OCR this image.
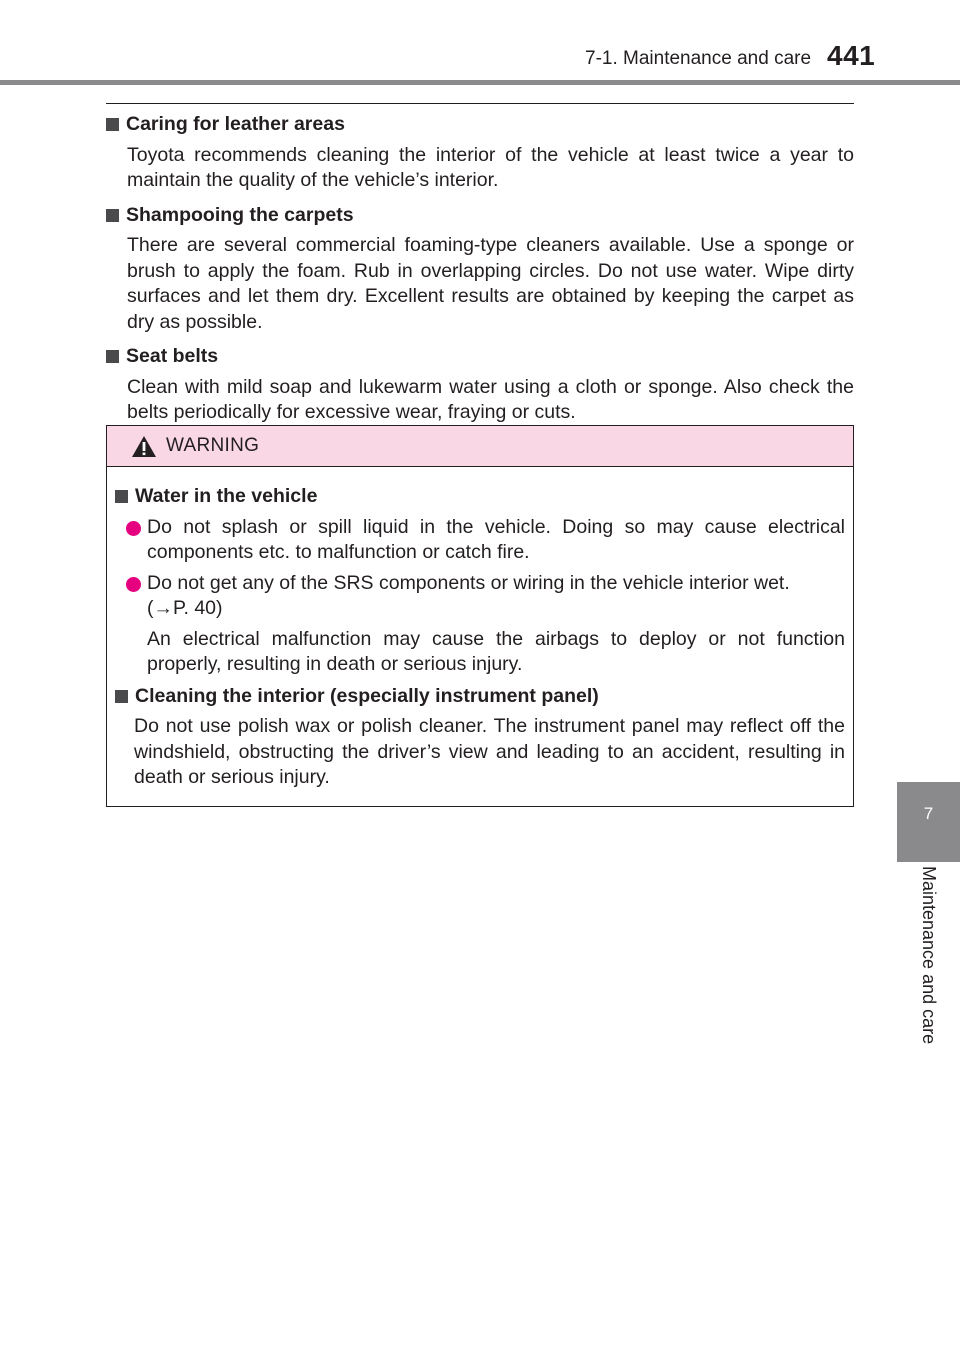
7-1. Maintenance and care 441
7
Maintenance and care

Caring for leather areas

Toyota recommends cleaning the interior of the vehicle at least twice a year to maintain the quality of the vehicle’s interior.

Shampooing the carpets

There are several commercial foaming-type cleaners available. Use a sponge or brush to apply the foam. Rub in overlapping circles. Do not use water. Wipe dirty surfaces and let them dry. Excellent results are obtained by keeping the carpet as dry as possible.

Seat belts

Clean with mild soap and lukewarm water using a cloth or sponge. Also check the belts periodically for excessive wear, fraying or cuts.

WARNING

Water in the vehicle

Do not splash or spill liquid in the vehicle. Doing so may cause electrical components etc. to malfunction or catch fire.
Do not get any of the SRS components or wiring in the vehicle interior wet.

(→P. 40)

An electrical malfunction may cause the airbags to deploy or not function properly, resulting in death or serious injury.

Cleaning the interior (especially instrument panel)

Do not use polish wax or polish cleaner. The instrument panel may reflect off the windshield, obstructing the driver’s view and leading to an accident, resulting in death or serious injury.
